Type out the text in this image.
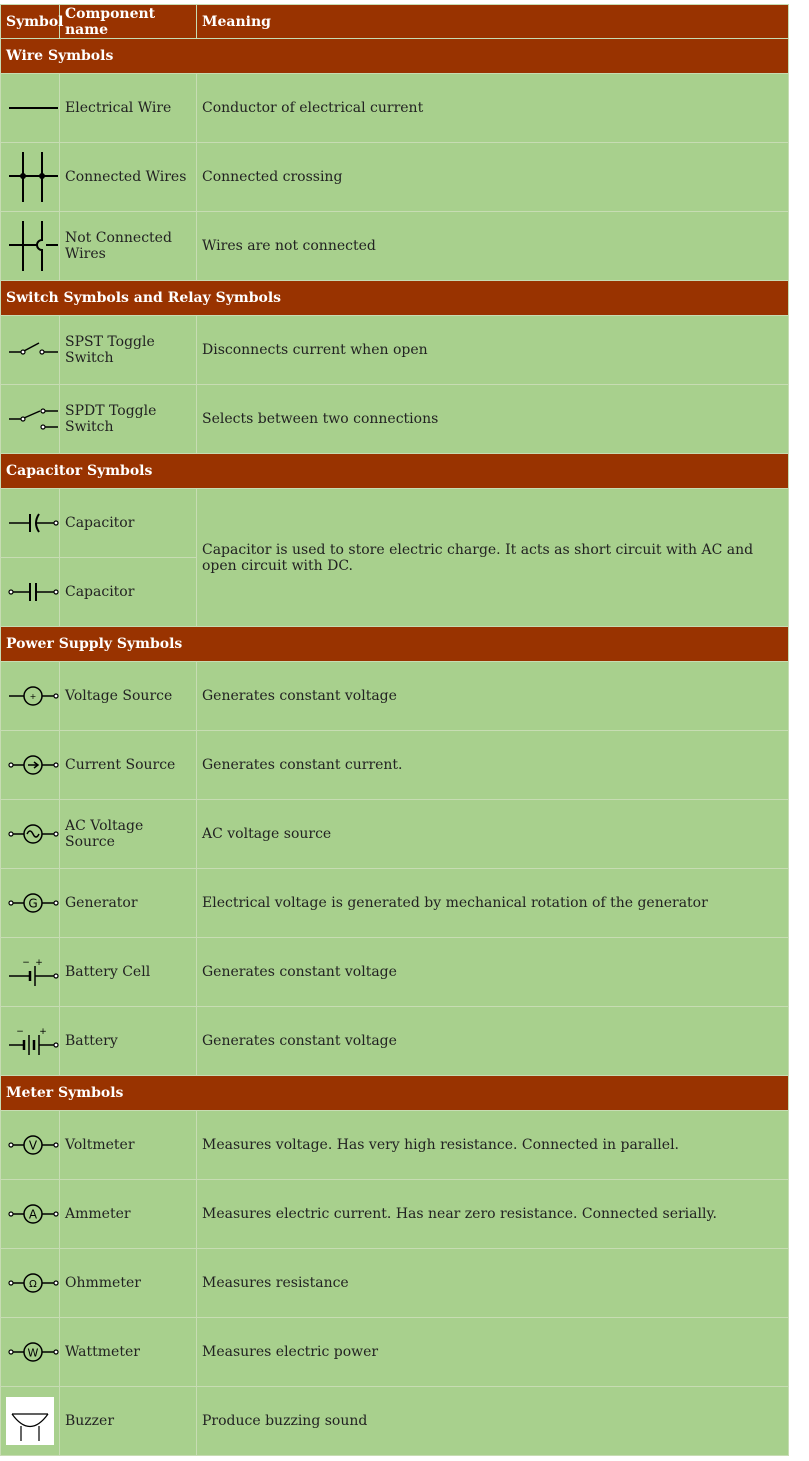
Symbol	Component name	Meaning
Wire Symbols		

	Electrical Wire	Conductor of electrical current

	Connected Wires	Connected crossing

	Not Connected Wires	Wires are not connected
Switch Symbols and Relay Symbols		

	SPST Toggle Switch	Disconnects current when open

	SPDT Toggle Switch	Selects between two connections
Capacitor Symbols		

	Capacitor	Capacitor is used to store electric charge. It acts as short circuit with AC and open circuit with DC.

	Capacitor	
Power Supply Symbols		

+	Voltage Source	Generates constant voltage

	Current Source	Generates constant current.

	AC Voltage Source	AC voltage source

G	Generator	Electrical voltage is generated by mechanical rotation of the generator

− +	Battery Cell	Generates constant voltage

− +	Battery	Generates constant voltage
Meter Symbols		

V	Voltmeter	Measures voltage. Has very high resistance. Connected in parallel.

A	Ammeter	Measures electric current. Has near zero resistance. Connected serially.

Ω	Ohmmeter	Measures resistance

W	Wattmeter	Measures electric power

	Buzzer	Produce buzzing sound
